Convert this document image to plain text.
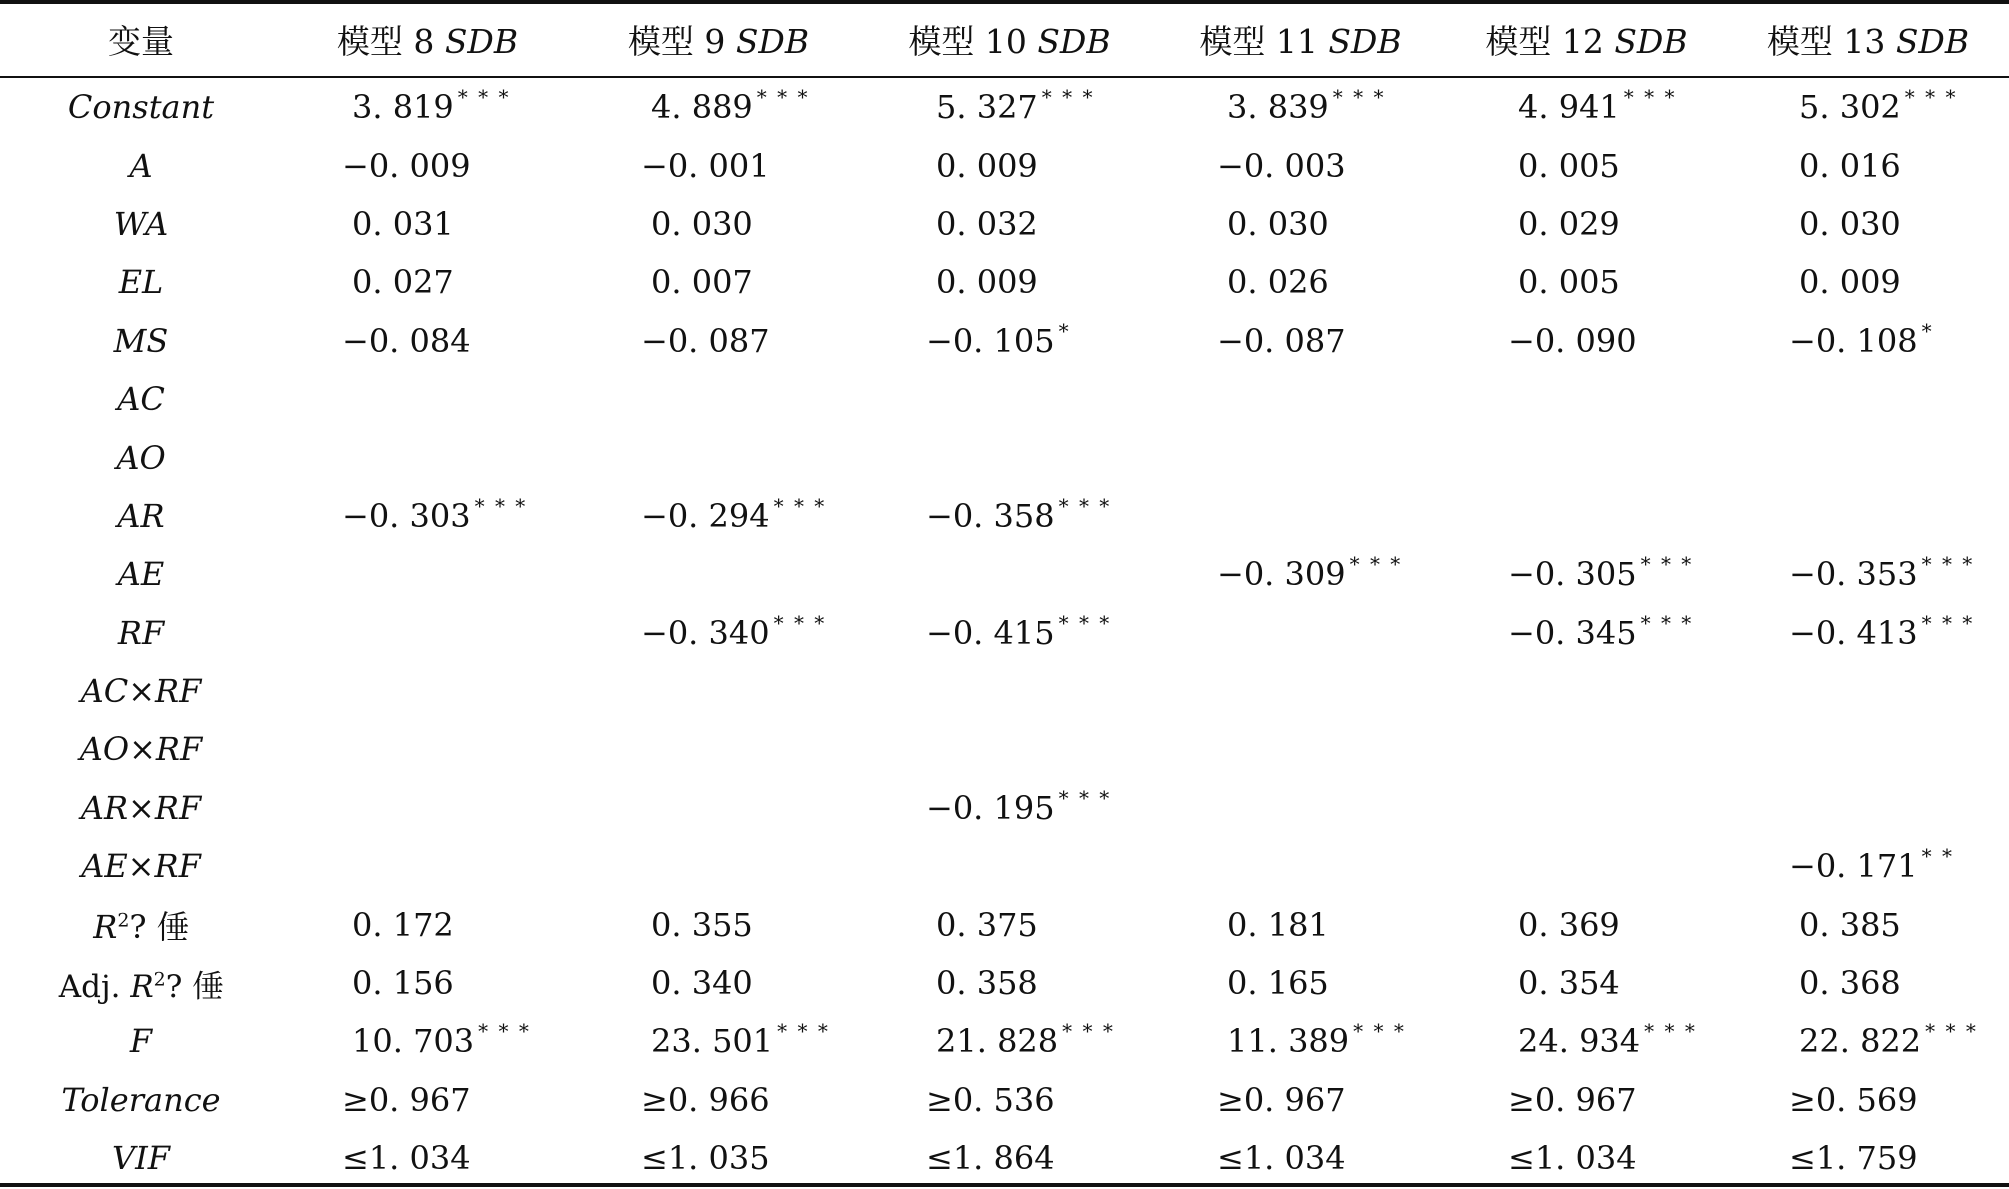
变量	模型 8 SDB	模型 9 SDB	模型 10 SDB	模型 11 SDB	模型 12 SDB	模型 13 SDB
Constant	3. 819 * * *	4. 889 * * *	5. 327 * * *	3. 839 * * *	4. 941 * * *	5. 302 * * *
A	−0. 009	−0. 001	0. 009	−0. 003	0. 005	0. 016
WA	0. 031	0. 030	0. 032	0. 030	0. 029	0. 030
EL	0. 027	0. 007	0. 009	0. 026	0. 005	0. 009
MS	−0. 084	−0. 087	−0. 105 *	−0. 087	−0. 090	−0. 108 *
AC						
AO						
AR	−0. 303 * * *	−0. 294 * * *	−0. 358 * * *			
AE				−0. 309 * * *	−0. 305 * * *	−0. 353 * * *
RF		−0. 340 * * *	−0. 415 * * *		−0. 345 * * *	−0. 413 * * *
AC×RF						
AO×RF						
AR×RF			−0. 195 * * *			
AE×RF						−0. 171 * *
$R^2$? 倕	0. 172	0. 355	0. 375	0. 181	0. 369	0. 385
Adj. $R^2$? 倕	0. 156	0. 340	0. 358	0. 165	0. 354	0. 368
F	10. 703 * * *	23. 501 * * *	21. 828 * * *	11. 389 * * *	24. 934 * * *	22. 822 * * *
Tolerance	≥0. 967	≥0. 966	≥0. 536	≥0. 967	≥0. 967	≥0. 569
VIF	≤1. 034	≤1. 035	≤1. 864	≤1. 034	≤1. 034	≤1. 759
